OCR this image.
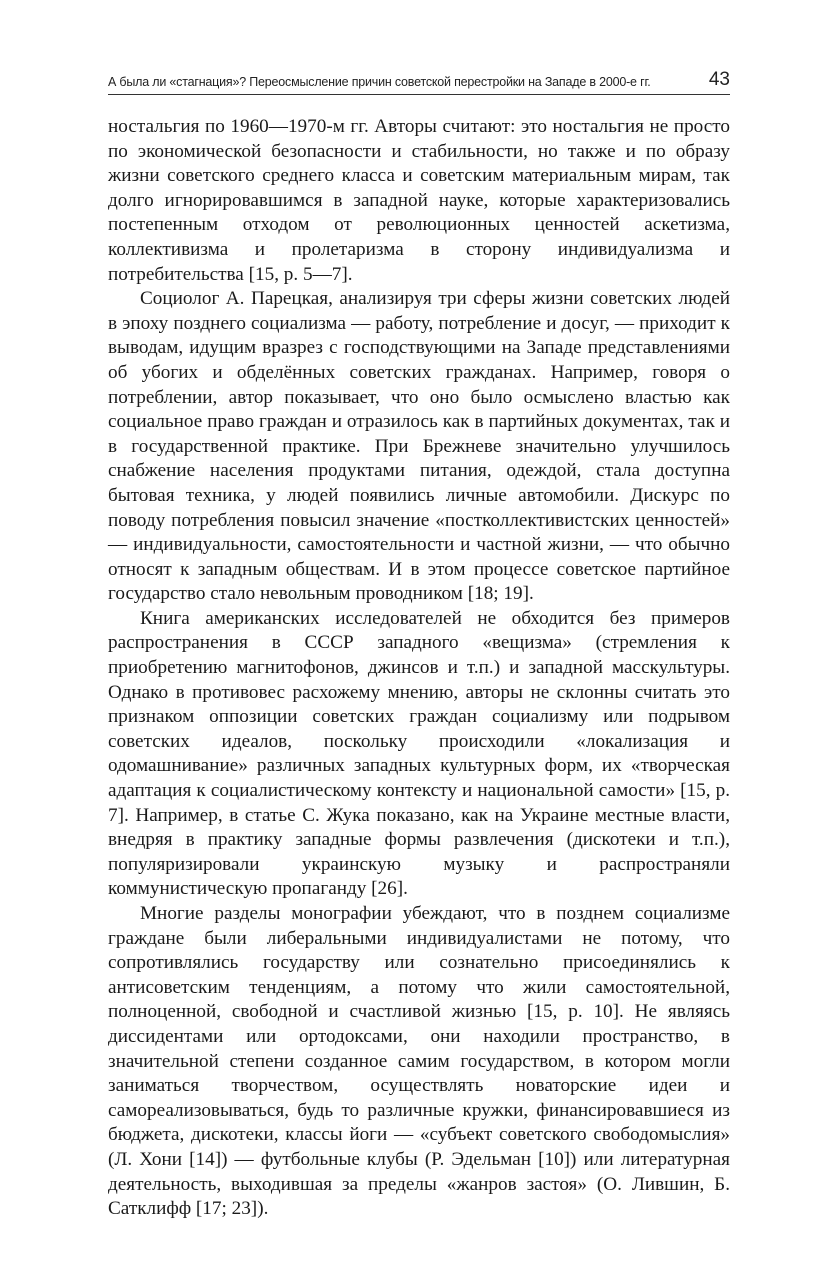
А была ли «стагнация»? Переосмысление причин советской перестройки на Западе в 2000-е гг.	43

ностальгия по 1960—1970-м гг. Авторы считают: это ностальгия не просто по экономической безопасности и стабильности, но также и по образу жизни советского среднего класса и советским материальным мирам, так долго игнорировавшимся в западной науке, которые характеризовались постепенным отходом от революционных ценностей аскетизма, коллективизма и пролетаризма в сторону индивидуализма и потребительства [15, p. 5—7].

Социолог А. Парецкая, анализируя три сферы жизни советских людей в эпоху позднего социализма — работу, потребление и досуг, — приходит к выводам, идущим вразрез с господствующими на Западе представлениями об убогих и обделённых советских гражданах. Например, говоря о потреблении, автор показывает, что оно было осмыслено властью как социальное право граждан и отразилось как в партийных документах, так и в государственной практике. При Брежневе значительно улучшилось снабжение населения продуктами питания, одеждой, стала доступна бытовая техника, у людей появились личные автомобили. Дискурс по поводу потребления повысил значение «постколлективистских ценностей» — индивидуальности, самостоятельности и частной жизни, — что обычно относят к западным обществам. И в этом процессе советское партийное государство стало невольным проводником [18; 19].

Книга американских исследователей не обходится без примеров распространения в СССР западного «вещизма» (стремления к приобретению магнитофонов, джинсов и т.п.) и западной масскультуры. Однако в противовес расхожему мнению, авторы не склонны считать это признаком оппозиции советских граждан социализму или подрывом советских идеалов, поскольку происходили «локализация и одомашнивание» различных западных культурных форм, их «творческая адаптация к социалистическому контексту и национальной самости» [15, p. 7]. Например, в статье С. Жука показано, как на Украине местные власти, внедряя в практику западные формы развлечения (дискотеки и т.п.), популяризировали украинскую музыку и распространяли коммунистическую пропаганду [26].

Многие разделы монографии убеждают, что в позднем социализме граждане были либеральными индивидуалистами не потому, что сопротивлялись государству или сознательно присоединялись к антисоветским тенденциям, а потому что жили самостоятельной, полноценной, свободной и счастливой жизнью [15, p. 10]. Не являясь диссидентами или ортодоксами, они находили пространство, в значительной степени созданное самим государством, в котором могли заниматься творчеством, осуществлять новаторские идеи и самореализовываться, будь то различные кружки, финансировавшиеся из бюджета, дискотеки, классы йоги — «субъект советского свободомыслия» (Л. Хони [14]) — футбольные клубы (Р. Эдельман [10]) или литературная деятельность, выходившая за пределы «жанров застоя» (О. Лившин, Б. Сатклифф [17; 23]).
